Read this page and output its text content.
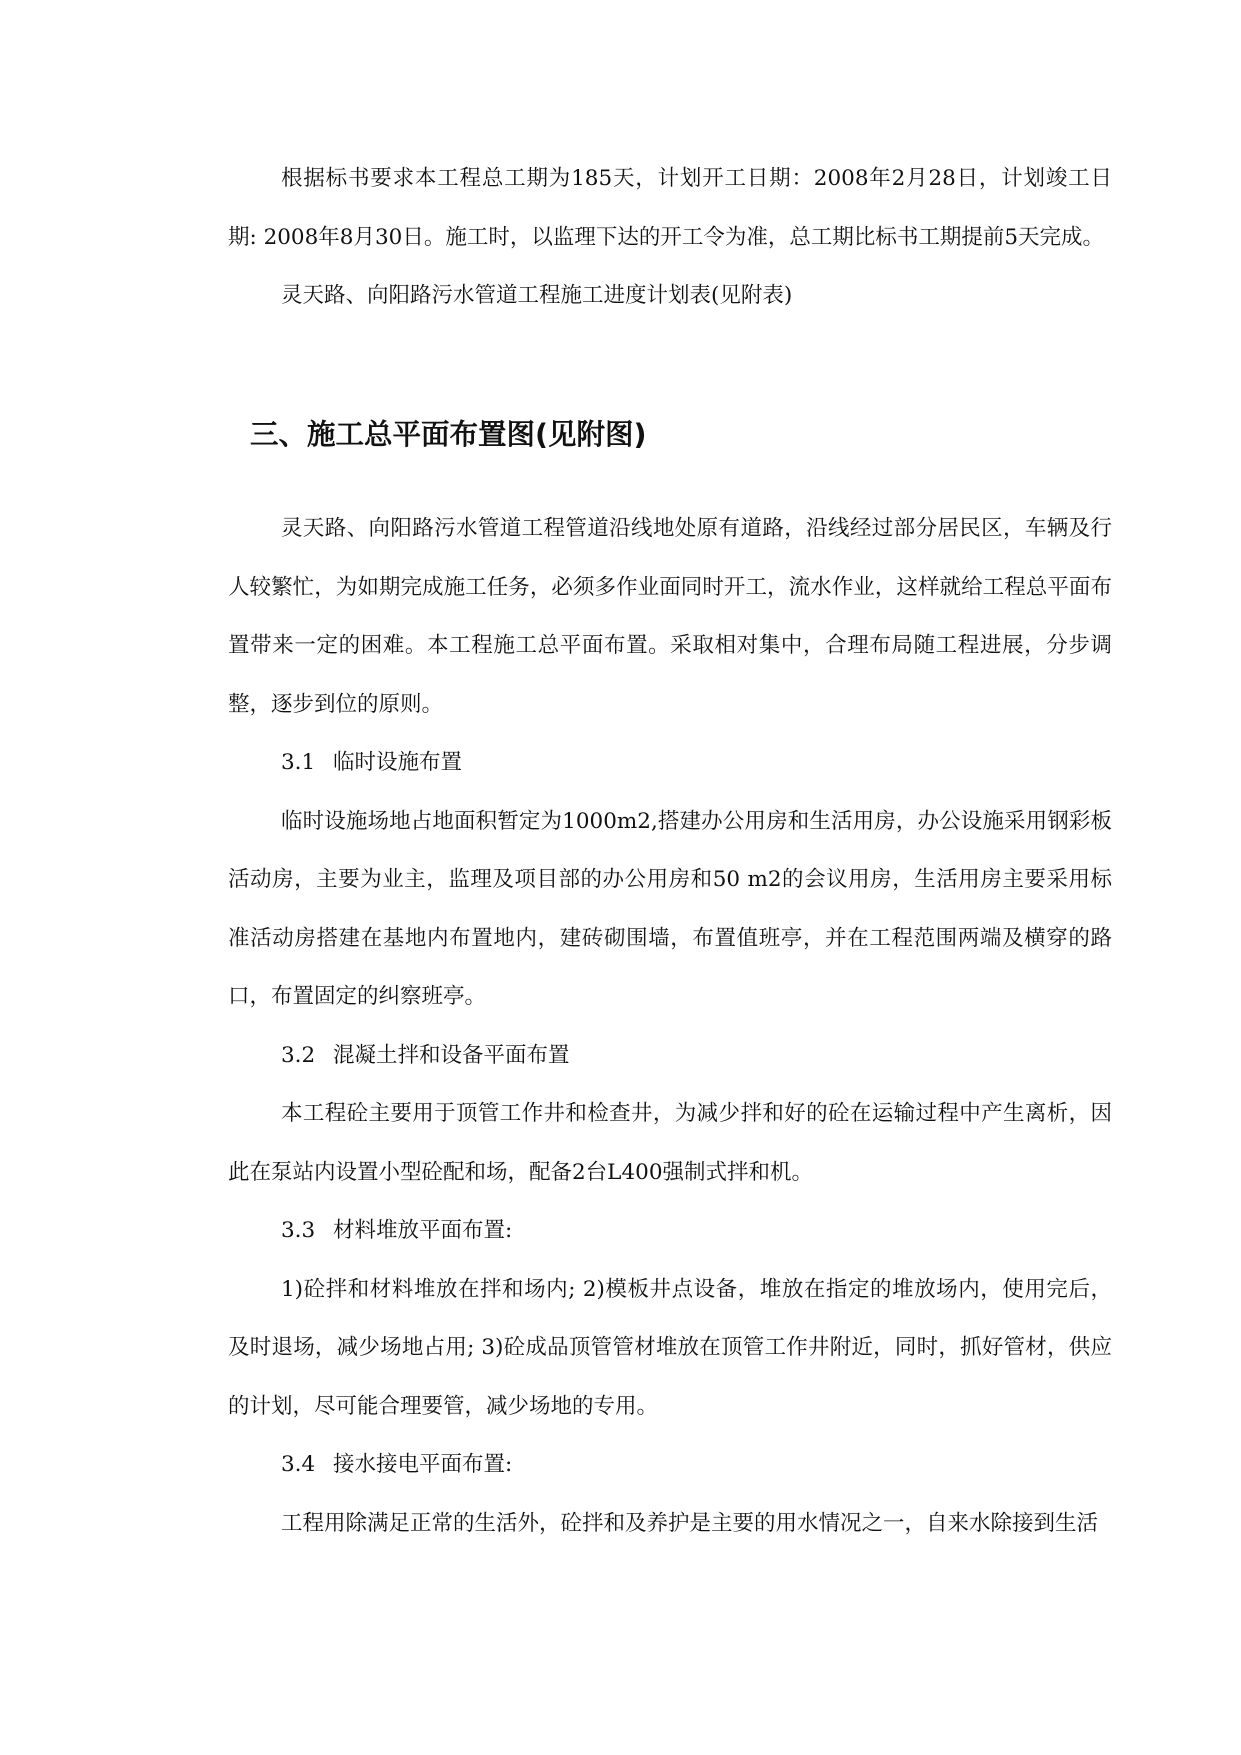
根据标书要求本工程总工期为185天，计划开工日期：2008年2月28日，计划竣工日期: 2008年8月30日。施工时，以监理下达的开工令为准，总工期比标书工期提前5天完成。
灵天路、向阳路污水管道工程施工进度计划表(见附表)
三、施工总平面布置图(见附图)
灵天路、向阳路污水管道工程管道沿线地处原有道路，沿线经过部分居民区，车辆及行人较繁忙，为如期完成施工任务，必须多作业面同时开工，流水作业，这样就给工程总平面布置带来一定的困难。本工程施工总平面布置。采取相对集中，合理布局随工程进展，分步调整，逐步到位的原则。
3.1 临时设施布置
临时设施场地占地面积暂定为1000m2,搭建办公用房和生活用房，办公设施采用钢彩板活动房，主要为业主，监理及项目部的办公用房和50 m2的会议用房，生活用房主要采用标准活动房搭建在基地内布置地内，建砖砌围墙，布置值班亭，并在工程范围两端及横穿的路口，布置固定的纠察班亭。
3.2 混凝土拌和设备平面布置
本工程砼主要用于顶管工作井和检查井，为减少拌和好的砼在运输过程中产生离析，因此在泵站内设置小型砼配和场，配备2台L400强制式拌和机。
3.3 材料堆放平面布置:
1)砼拌和材料堆放在拌和场内; 2)模板井点设备，堆放在指定的堆放场内，使用完后，及时退场，减少场地占用; 3)砼成品顶管管材堆放在顶管工作井附近，同时，抓好管材，供应的计划，尽可能合理要管，减少场地的专用。
3.4 接水接电平面布置:
工程用除满足正常的生活外，砼拌和及养护是主要的用水情况之一，自来水除接到生活
